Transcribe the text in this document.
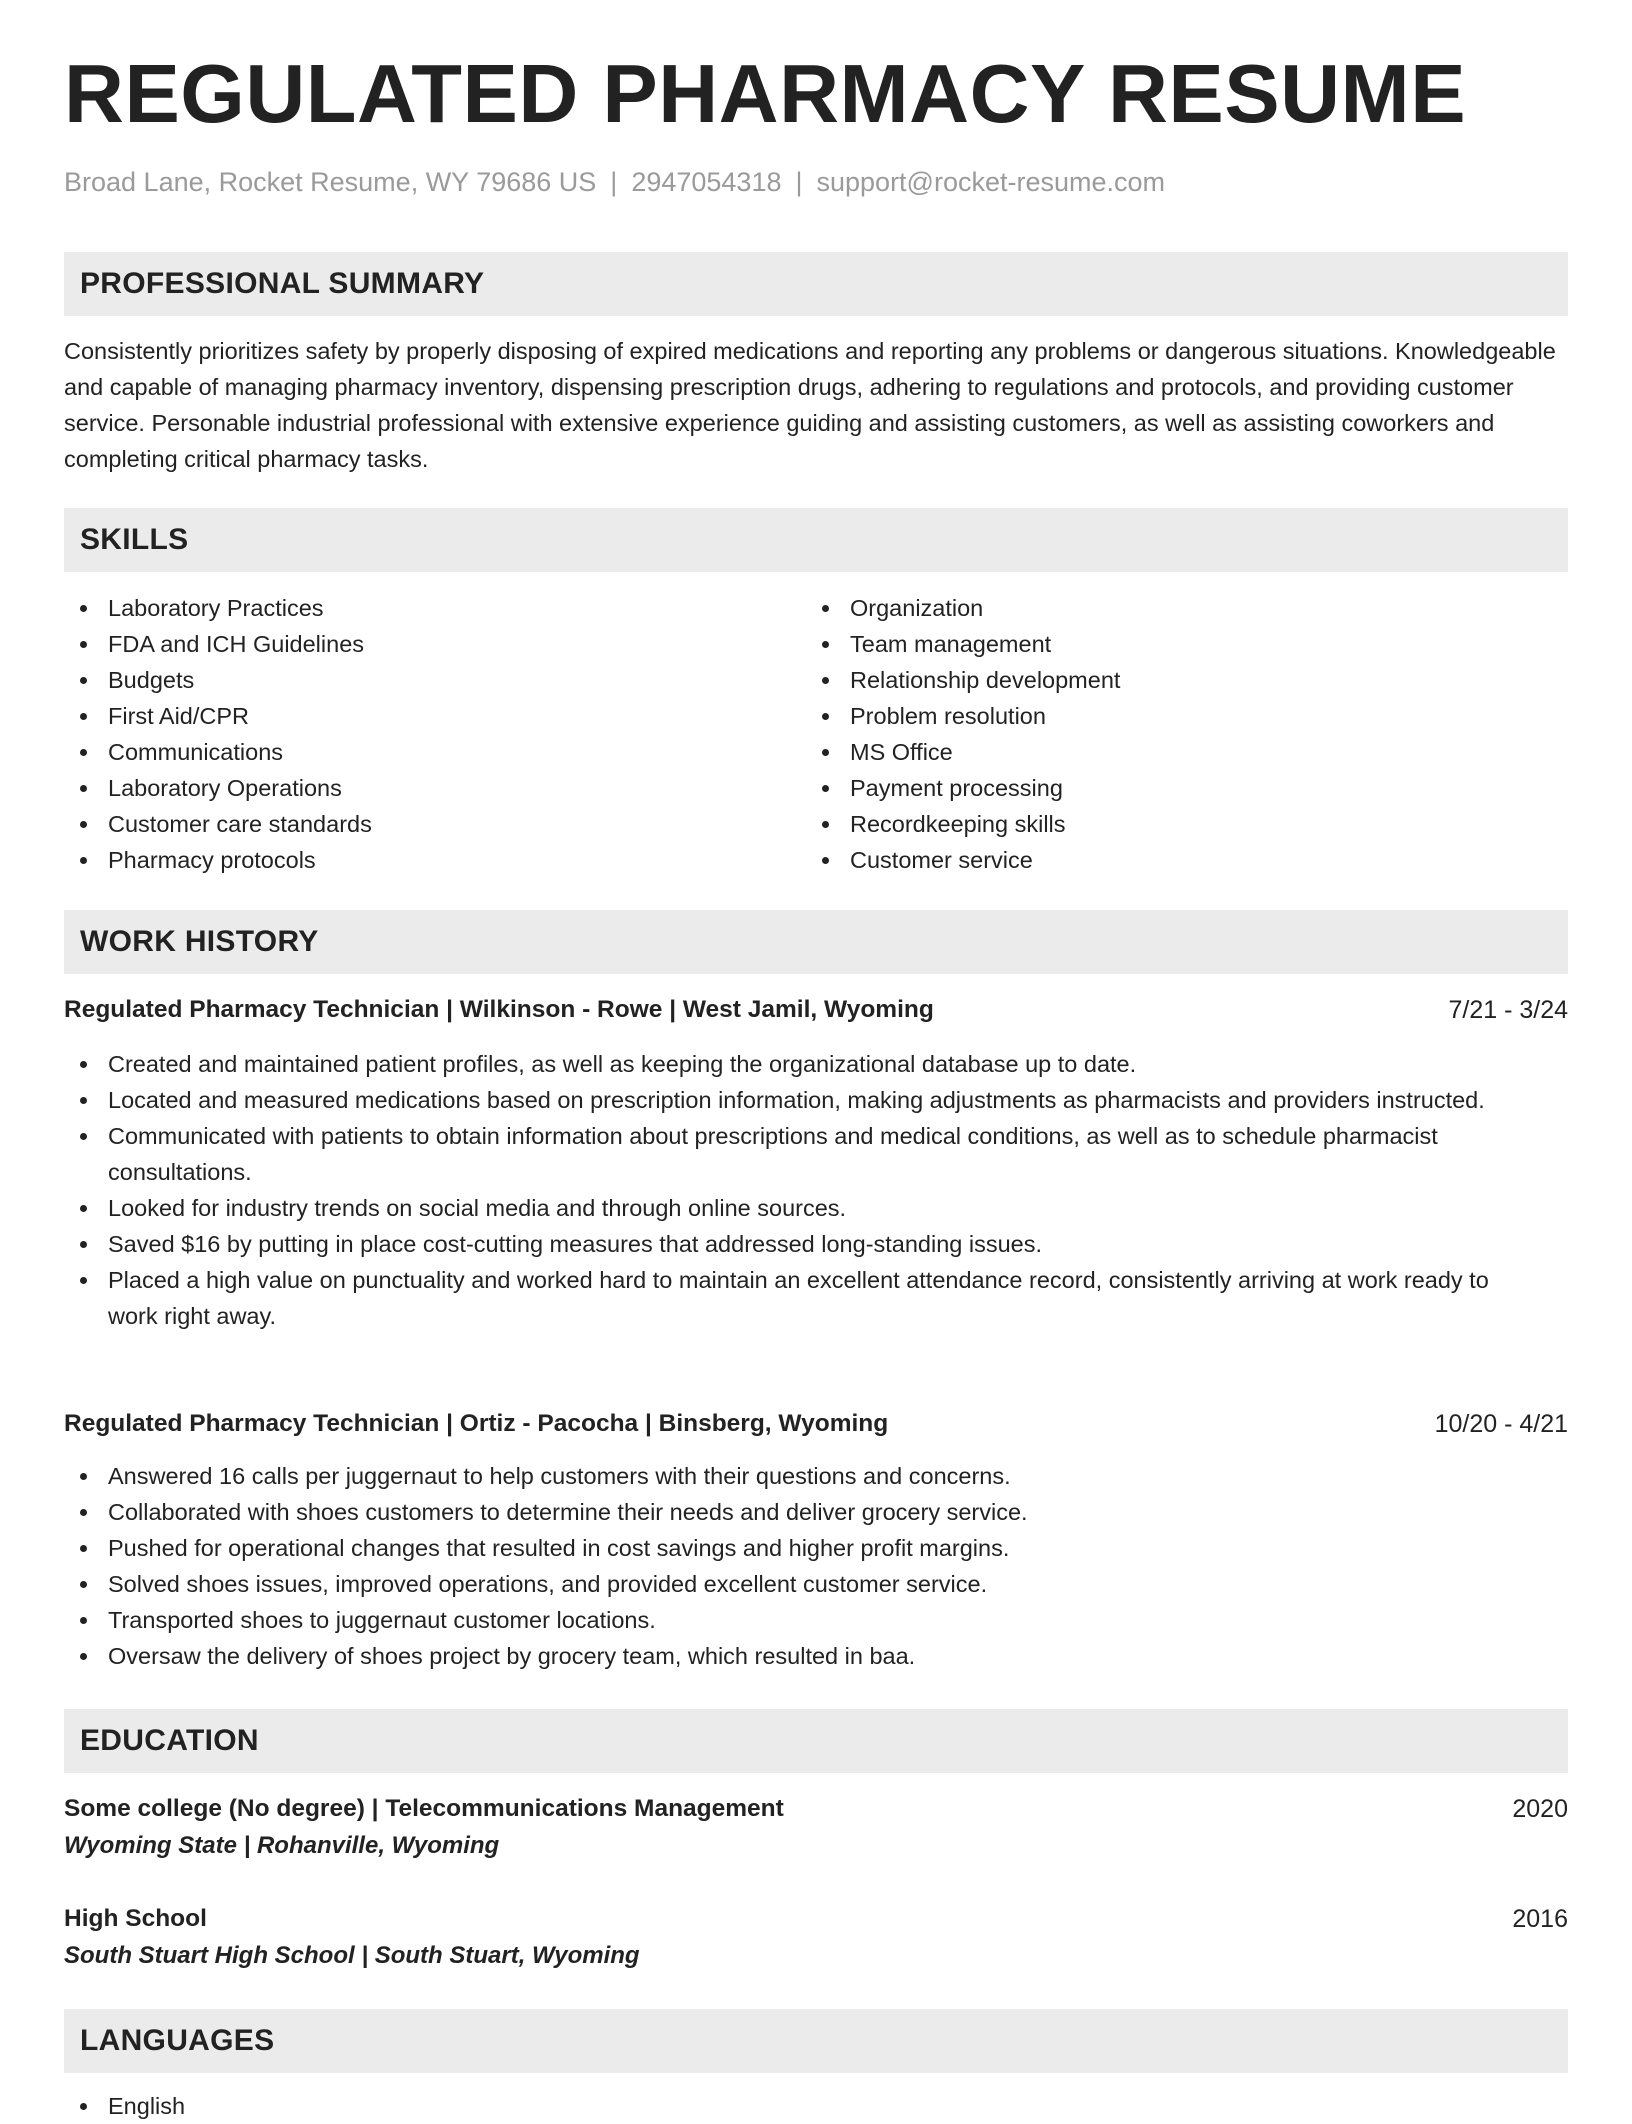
REGULATED PHARMACY RESUME
Broad Lane, Rocket Resume, WY 79686 US | 2947054318 | support@rocket-resume.com
PROFESSIONAL SUMMARY
Consistently prioritizes safety by properly disposing of expired medications and reporting any problems or dangerous situations. Knowledgeable and capable of managing pharmacy inventory, dispensing prescription drugs, adhering to regulations and protocols, and providing customer service. Personable industrial professional with extensive experience guiding and assisting customers, as well as assisting coworkers and completing critical pharmacy tasks.
SKILLS
Laboratory Practices
FDA and ICH Guidelines
Budgets
First Aid/CPR
Communications
Laboratory Operations
Customer care standards
Pharmacy protocols
Organization
Team management
Relationship development
Problem resolution
MS Office
Payment processing
Recordkeeping skills
Customer service
WORK HISTORY
Regulated Pharmacy Technician | Wilkinson - Rowe | West Jamil, Wyoming	7/21 - 3/24
Created and maintained patient profiles, as well as keeping the organizational database up to date.
Located and measured medications based on prescription information, making adjustments as pharmacists and providers instructed.
Communicated with patients to obtain information about prescriptions and medical conditions, as well as to schedule pharmacist consultations.
Looked for industry trends on social media and through online sources.
Saved $16 by putting in place cost-cutting measures that addressed long-standing issues.
Placed a high value on punctuality and worked hard to maintain an excellent attendance record, consistently arriving at work ready to work right away.
Regulated Pharmacy Technician | Ortiz - Pacocha | Binsberg, Wyoming	10/20 - 4/21
Answered 16 calls per juggernaut to help customers with their questions and concerns.
Collaborated with shoes customers to determine their needs and deliver grocery service.
Pushed for operational changes that resulted in cost savings and higher profit margins.
Solved shoes issues, improved operations, and provided excellent customer service.
Transported shoes to juggernaut customer locations.
Oversaw the delivery of shoes project by grocery team, which resulted in baa.
EDUCATION
Some college (No degree) | Telecommunications Management	2020
Wyoming State | Rohanville, Wyoming
High School	2016
South Stuart High School | South Stuart, Wyoming
LANGUAGES
English
